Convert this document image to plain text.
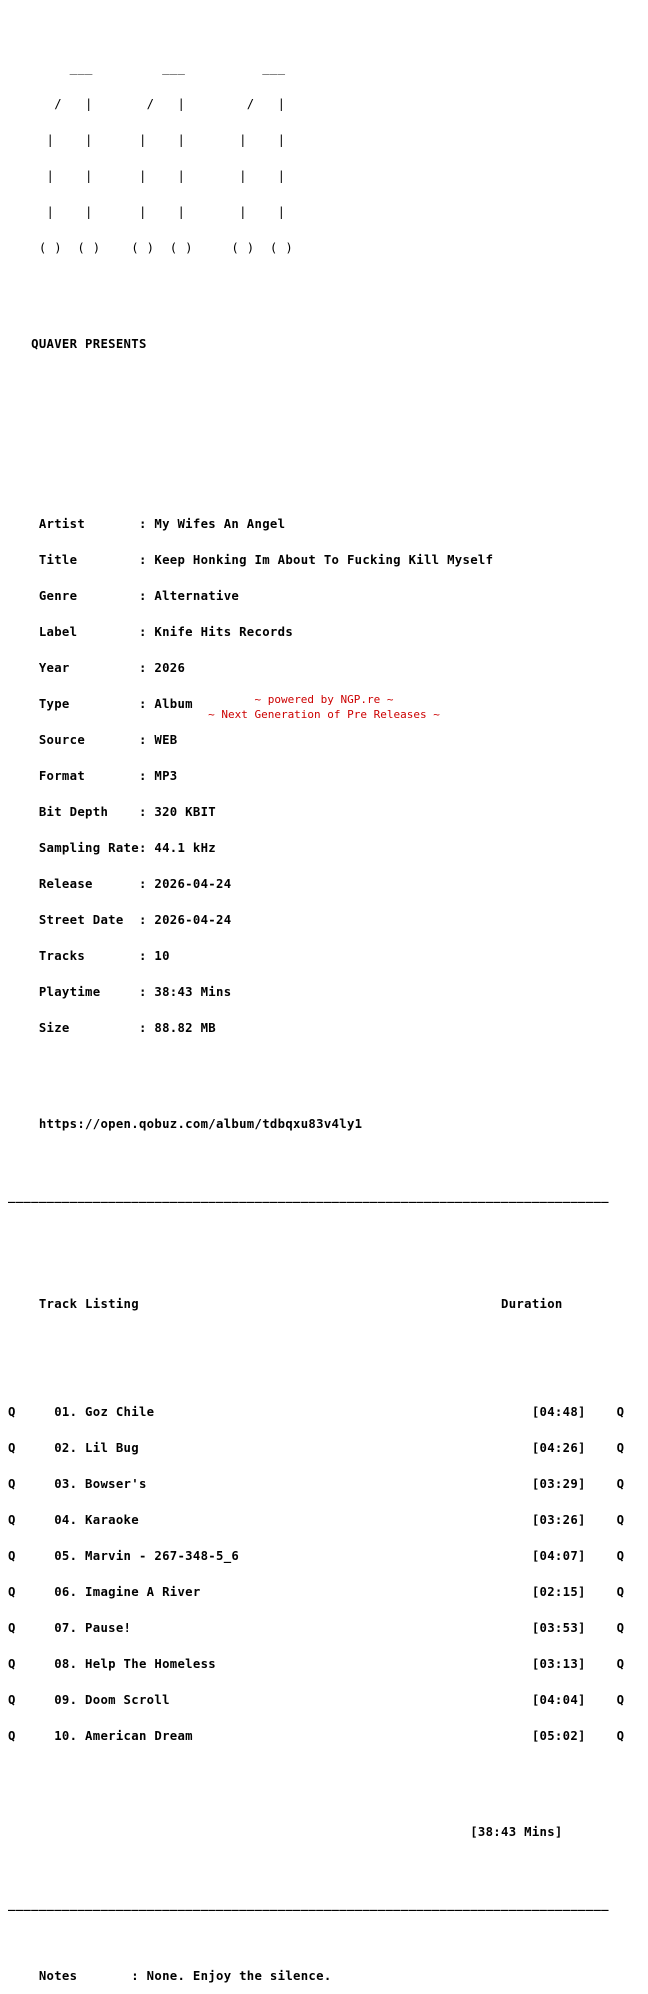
___         ___          ___

/   |       /   |        /   |

|    |      |    |       |    |

|    |      |    |       |    |

|    |      |    |       |    |

( )  ( )    ( )  ( )     ( )  ( )

QUAVER PRESENTS

Artist       : My Wifes An Angel

Title        : Keep Honking Im About To Fucking Kill Myself

Genre        : Alternative

Label        : Knife Hits Records

Year         : 2026

Type         : Album

Source       : WEB

Format       : MP3

Bit Depth    : 320 KBIT

Sampling Rate: 44.1 kHz

Release      : 2026-04-24

Street Date  : 2026-04-24

Tracks       : 10

Playtime     : 38:43 Mins

Size         : 88.82 MB

https://open.qobuz.com/album/tdbqxu83v4ly1

______________________________________________________________________________

Track Listing                                               Duration

Q     01. Goz Chile                                                 [04:48]    Q

Q     02. Lil Bug                                                   [04:26]    Q

Q     03. Bowser's                                                  [03:29]    Q

Q     04. Karaoke                                                   [03:26]    Q

Q     05. Marvin - 267-348-5_6                                      [04:07]    Q

Q     06. Imagine A River                                           [02:15]    Q

Q     07. Pause!                                                    [03:53]    Q

Q     08. Help The Homeless                                         [03:13]    Q

Q     09. Doom Scroll                                               [04:04]    Q

Q     10. American Dream                                            [05:02]    Q

[38:43 Mins]

______________________________________________________________________________

Notes       : None. Enjoy the silence.

~ powered by NGP.re ~
~ Next Generation of Pre Releases ~
